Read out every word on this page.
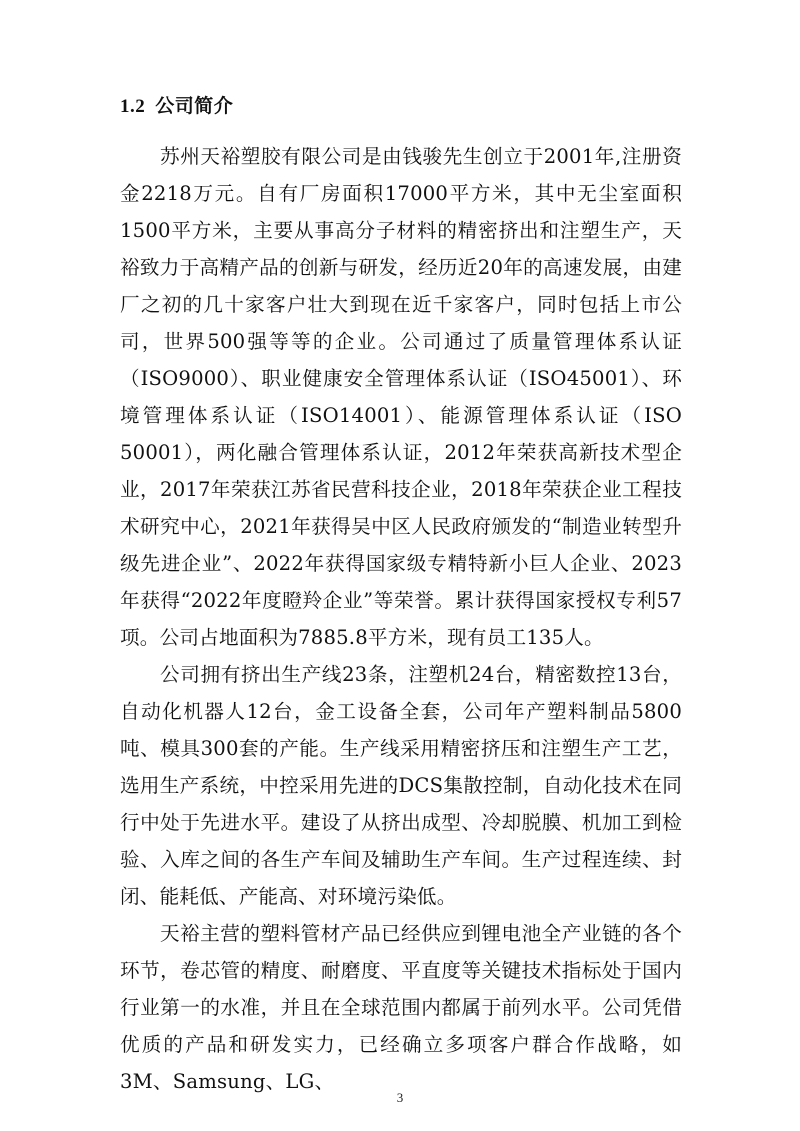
1.2 公司简介

苏州天裕塑胶有限公司是由钱骏先生创立于2001年,注册资金2218万元。自有厂房面积17000平方米，其中无尘室面积1500平方米，主要从事高分子材料的精密挤出和注塑生产，天裕致力于高精产品的创新与研发，经历近20年的高速发展，由建厂之初的几十家客户壮大到现在近千家客户，同时包括上市公司，世界500强等等的企业。公司通过了质量管理体系认证（ISO9000）、职业健康安全管理体系认证（ISO45001）、环境管理体系认证（ISO14001）、能源管理体系认证（ISO 50001），两化融合管理体系认证，2012年荣获高新技术型企业，2017年荣获江苏省民营科技企业，2018年荣获企业工程技术研究中心，2021年获得吴中区人民政府颁发的“制造业转型升级先进企业”、2022年获得国家级专精特新小巨人企业、2023年获得“2022年度瞪羚企业”等荣誉。累计获得国家授权专利57项。公司占地面积为7885.8平方米，现有员工135人。

公司拥有挤出生产线23条，注塑机24台，精密数控13台，自动化机器人12台，金工设备全套，公司年产塑料制品5800吨、模具300套的产能。生产线采用精密挤压和注塑生产工艺，选用生产系统，中控采用先进的DCS集散控制，自动化技术在同行中处于先进水平。建设了从挤出成型、冷却脱膜、机加工到检验、入库之间的各生产车间及辅助生产车间。生产过程连续、封闭、能耗低、产能高、对环境污染低。

天裕主营的塑料管材产品已经供应到锂电池全产业链的各个环节，卷芯管的精度、耐磨度、平直度等关键技术指标处于国内行业第一的水准，并且在全球范围内都属于前列水平。公司凭借优质的产品和研发实力，已经确立多项客户群合作战略，如3M、Samsung、LG、

3
